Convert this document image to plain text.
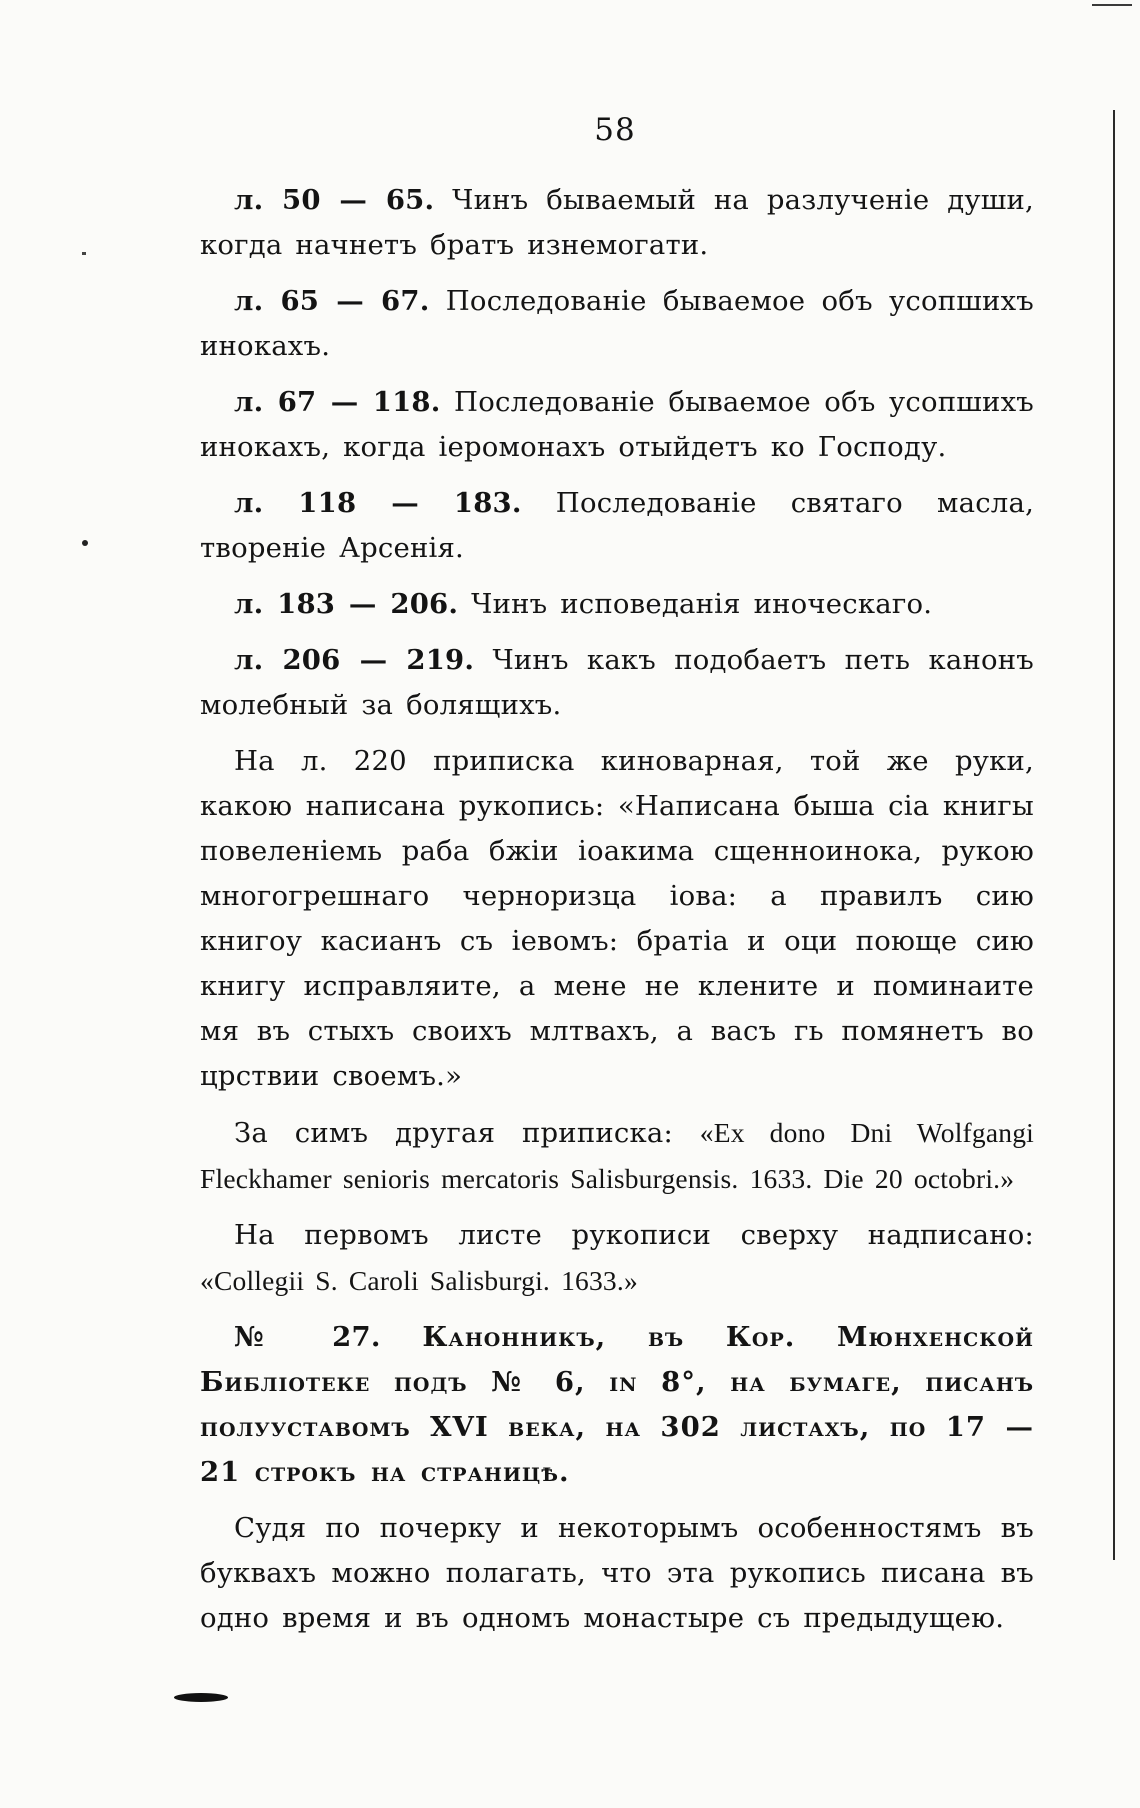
58

л. 50 — 65. Чинъ бываемый на разлученіе души, когда начнетъ братъ изнемогати.

л. 65 — 67. Последованіе бываемое объ усопшихъ инокахъ.

л. 67 — 118. Последованіе бываемое объ усопшихъ инокахъ, когда іеромонахъ отыйдетъ ко Господу.

л. 118 — 183. Последованіе святаго масла, твореніе Арсенія.

л. 183 — 206. Чинъ исповеданія иноческаго.

л. 206 — 219. Чинъ какъ подобаетъ петь канонъ молебный за болящихъ.

На л. 220 приписка киноварная, той же руки, какою написана рукопись: «Написана быша сіа книгы повеленіемь раба бжіи іоакима сщенноинока, рукою многогрешнаго черноризца іова: а правилъ сию книгоу касианъ съ іевомъ: братіа и оци поюще сию книгу исправляите, а мене не клените и поминаите мя въ стыхъ своихъ млтвахъ, а васъ гь помянетъ во црствии своемъ.»

За симъ другая приписка: «Ex dono Dni Wolfgangi Fleckhamer senioris mercatoris Salisburgensis. 1633. Die 20 octobri.»

На первомъ листе рукописи сверху надписано: «Collegii S. Caroli Salisburgi. 1633.»

№ 27. Канонникъ, въ Кор. Мюнхенской Библіотеке подъ № 6, in 8°, на бумаге, писанъ полууставомъ XVI века, на 302 листахъ, по 17 — 21 строкъ на страницѣ.

Судя по почерку и некоторымъ особенностямъ въ буквахъ можно полагать, что эта рукопись писана въ одно время и въ одномъ монастыре съ предыдущею.
